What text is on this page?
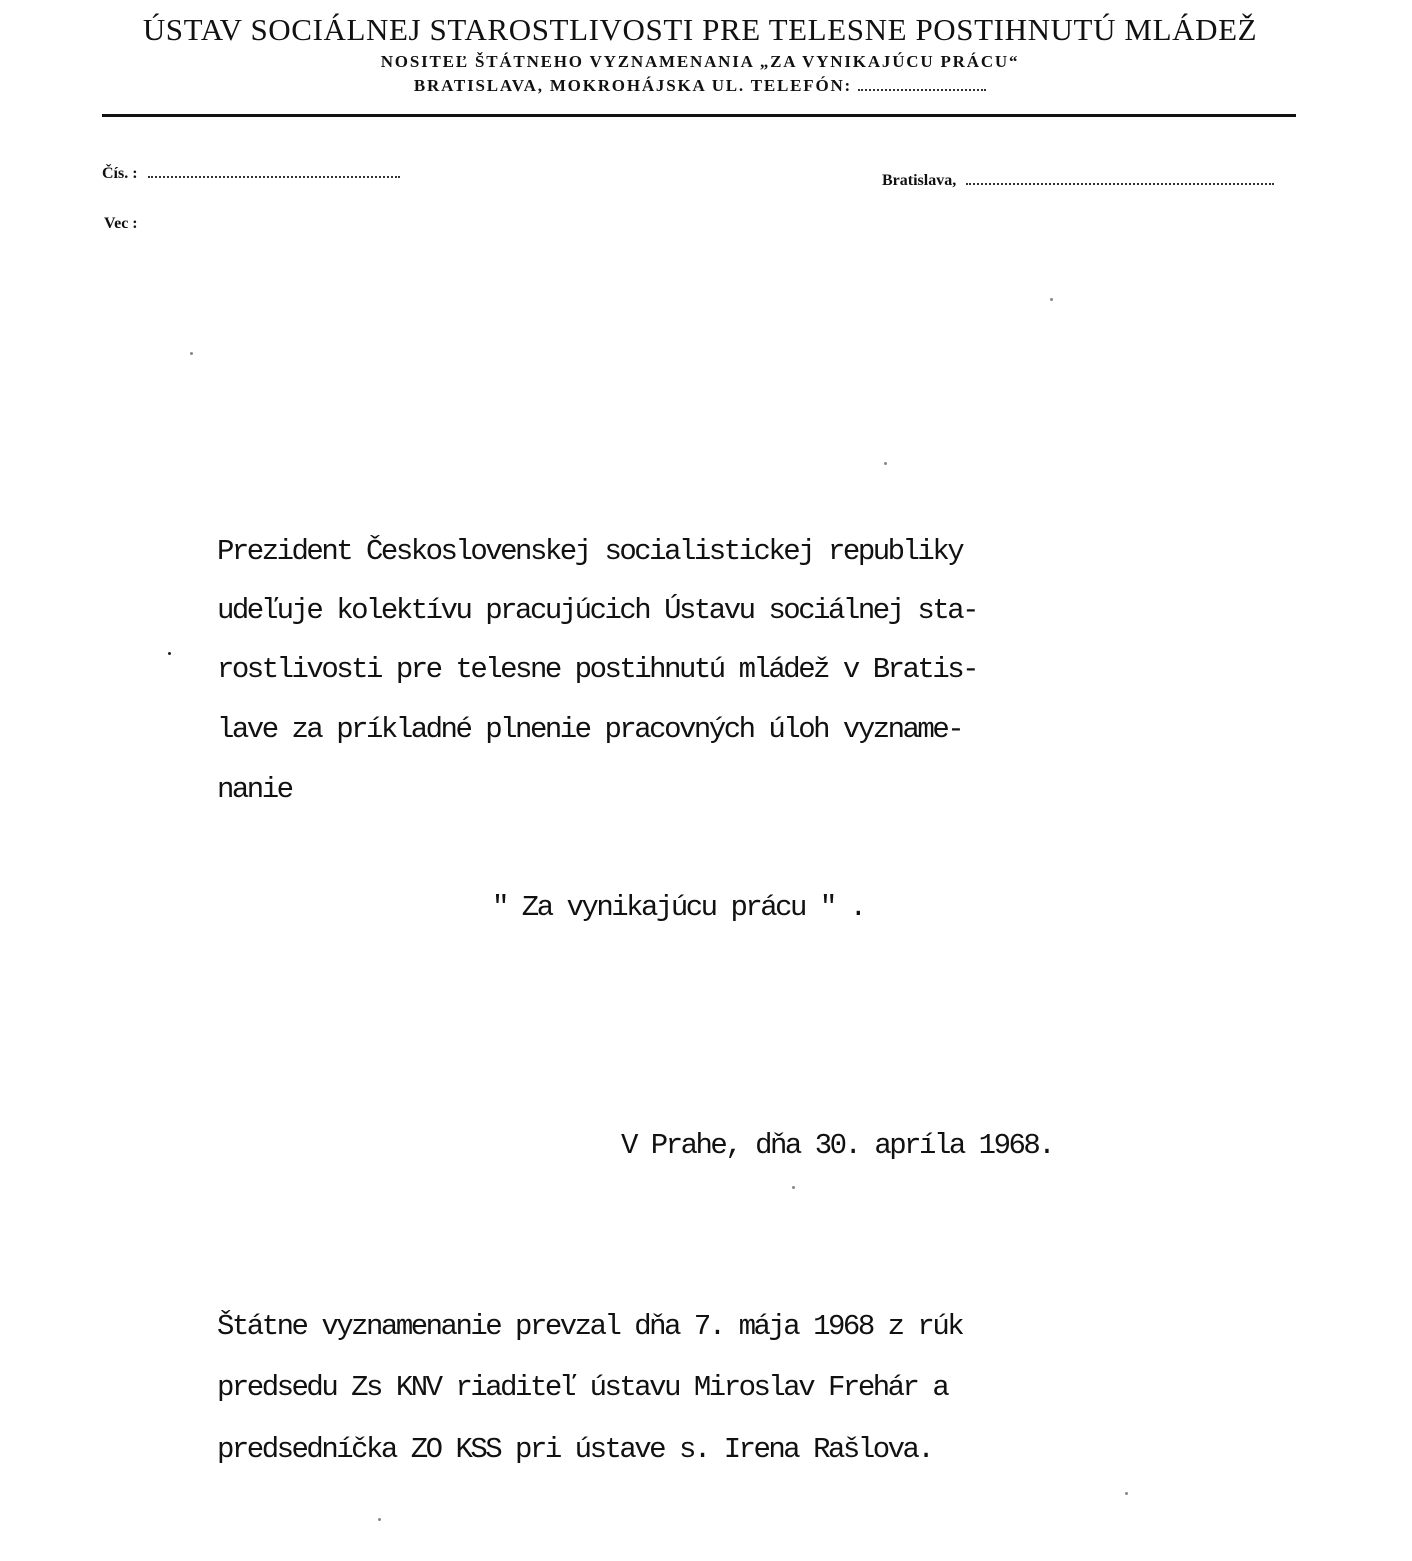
ÚSTAV SOCIÁLNEJ STAROSTLIVOSTI PRE TELESNE POSTIHNUTÚ MLÁDEŽ
NOSITEĽ ŠTÁTNEHO VYZNAMENANIA „ZA VYNIKAJÚCU PRÁCU“
BRATISLAVA, MOKROHÁJSKA UL. TELEFÓN:
Čís. :	Bratislava,
Vec :
Prezident Československej socialistickej republiky
udeľuje kolektívu pracujúcich Ústavu sociálnej sta-
rostlivosti pre telesne postihnutú mládež v Bratis-
lave za príkladné plnenie pracovných úloh vyzname-
nanie
" Za vynikajúcu prácu " .
V Prahe, dňa 30. apríla 1968.
Štátne vyznamenanie prevzal dňa 7. mája 1968 z rúk
predsedu Zs KNV riaditeľ ústavu Miroslav Frehár a
predsedníčka ZO KSS pri ústave s. Irena Rašlova.
